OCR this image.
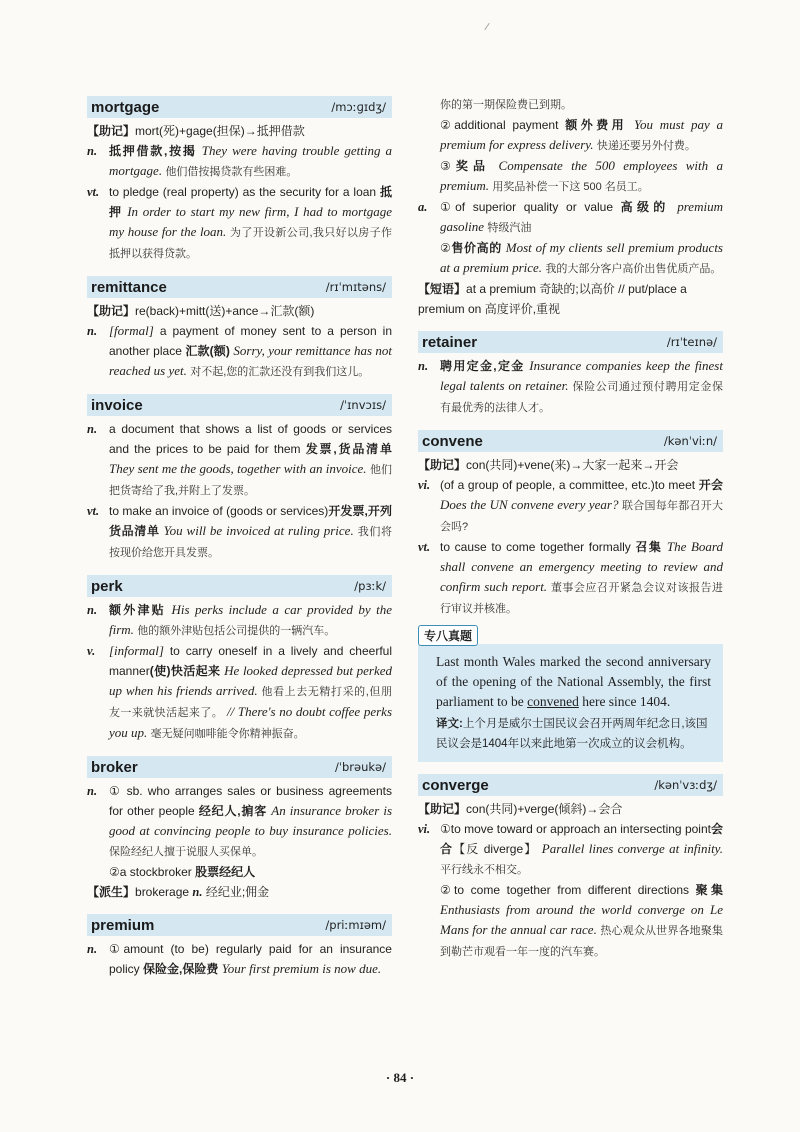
mortgage	/mɔːɡɪdʒ/

【助记】mort(死)+gage(担保)→抵押借款

n. 抵押借款,按揭 They were having trouble getting a mortgage. 他们借按揭贷款有些困难。
vt. to pledge (real property) as the security for a loan 抵押 In order to start my new firm, I had to mortgage my house for the loan. 为了开设新公司,我只好以房子作抵押以获得贷款。
remittance	/rɪˈmɪtəns/

【助记】re(back)+mitt(送)+ance→汇款(额)

n. [formal] a payment of money sent to a person in another place 汇款(额) Sorry, your remittance has not reached us yet. 对不起,您的汇款还没有到我们这儿。
invoice	/ˈɪnvɔɪs/
n. a document that shows a list of goods or services and the prices to be paid for them 发票,货品清单 They sent me the goods, together with an invoice. 他们把货寄给了我,并附上了发票。
vt. to make an invoice of (goods or services)开发票,开列货品清单 You will be invoiced at ruling price. 我们将按现价给您开具发票。
perk	/pɜːk/
n. 额外津贴 His perks include a car provided by the firm. 他的额外津贴包括公司提供的一辆汽车。
v.	[informal] to carry oneself in a lively and cheerful manner(使)快活起来 He looked depressed but perked up when his friends arrived. 他看上去无精打采的,但朋友一来就快活起来了。 // There's no doubt coffee perks you up. 毫无疑问咖啡能令你精神振奋。
broker	/ˈbrəukə/
n. ① sb. who arranges sales or business agreements for other people 经纪人,掮客 An insurance broker is good at convincing people to buy insurance policies. 保险经纪人擅于说服人买保单。
②a stockbroker 股票经纪人

【派生】brokerage n. 经纪业;佣金

premium	/priːmɪəm/
n. ①amount (to be) regularly paid for an insurance policy 保险金,保险费 Your first premium is now due.
你的第一期保险费已到期。
②additional payment 额外费用 You must pay a premium for express delivery. 快递还要另外付费。
③奖品 Compensate the 500 employees with a premium. 用奖品补偿一下这 500 名员工。
a.	①of superior quality or value 高级的 premium gasoline 特级汽油
②售价高的 Most of my clients sell premium products at a premium price. 我的大部分客户高价出售优质产品。

【短语】at a premium 奇缺的;以高价 // put/place a premium on 高度评价,重视

retainer	/rɪˈteɪnə/
n. 聘用定金,定金 Insurance companies keep the finest legal talents on retainer. 保险公司通过预付聘用定金保有最优秀的法律人才。
convene	/kənˈviːn/

【助记】con(共同)+vene(来)→大家一起来→开会

vi. (of a group of people, a committee, etc.)to meet 开会 Does the UN convene every year? 联合国每年都召开大会吗?
vt. to cause to come together formally 召集 The Board shall convene an emergency meeting to review and confirm such report. 董事会应召开紧急会议对该报告进行审议并核准。
专八真题
Last month Wales marked the second anniversary of the opening of the National Assembly, the first parliament to be convened here since 1404.
译文:上个月是威尔士国民议会召开两周年纪念日,该国民议会是1404年以来此地第一次成立的议会机构。
converge	/kənˈvɜːdʒ/

【助记】con(共同)+verge(倾斜)→会合

vi. ①to move toward or approach an intersecting point会合【反 diverge】 Parallel lines converge at infinity. 平行线永不相交。
②to come together from different directions 聚集 Enthusiasts from around the world converge on Le Mans for the annual car race. 热心观众从世界各地聚集到勒芒市观看一年一度的汽车赛。
· 84 ·
